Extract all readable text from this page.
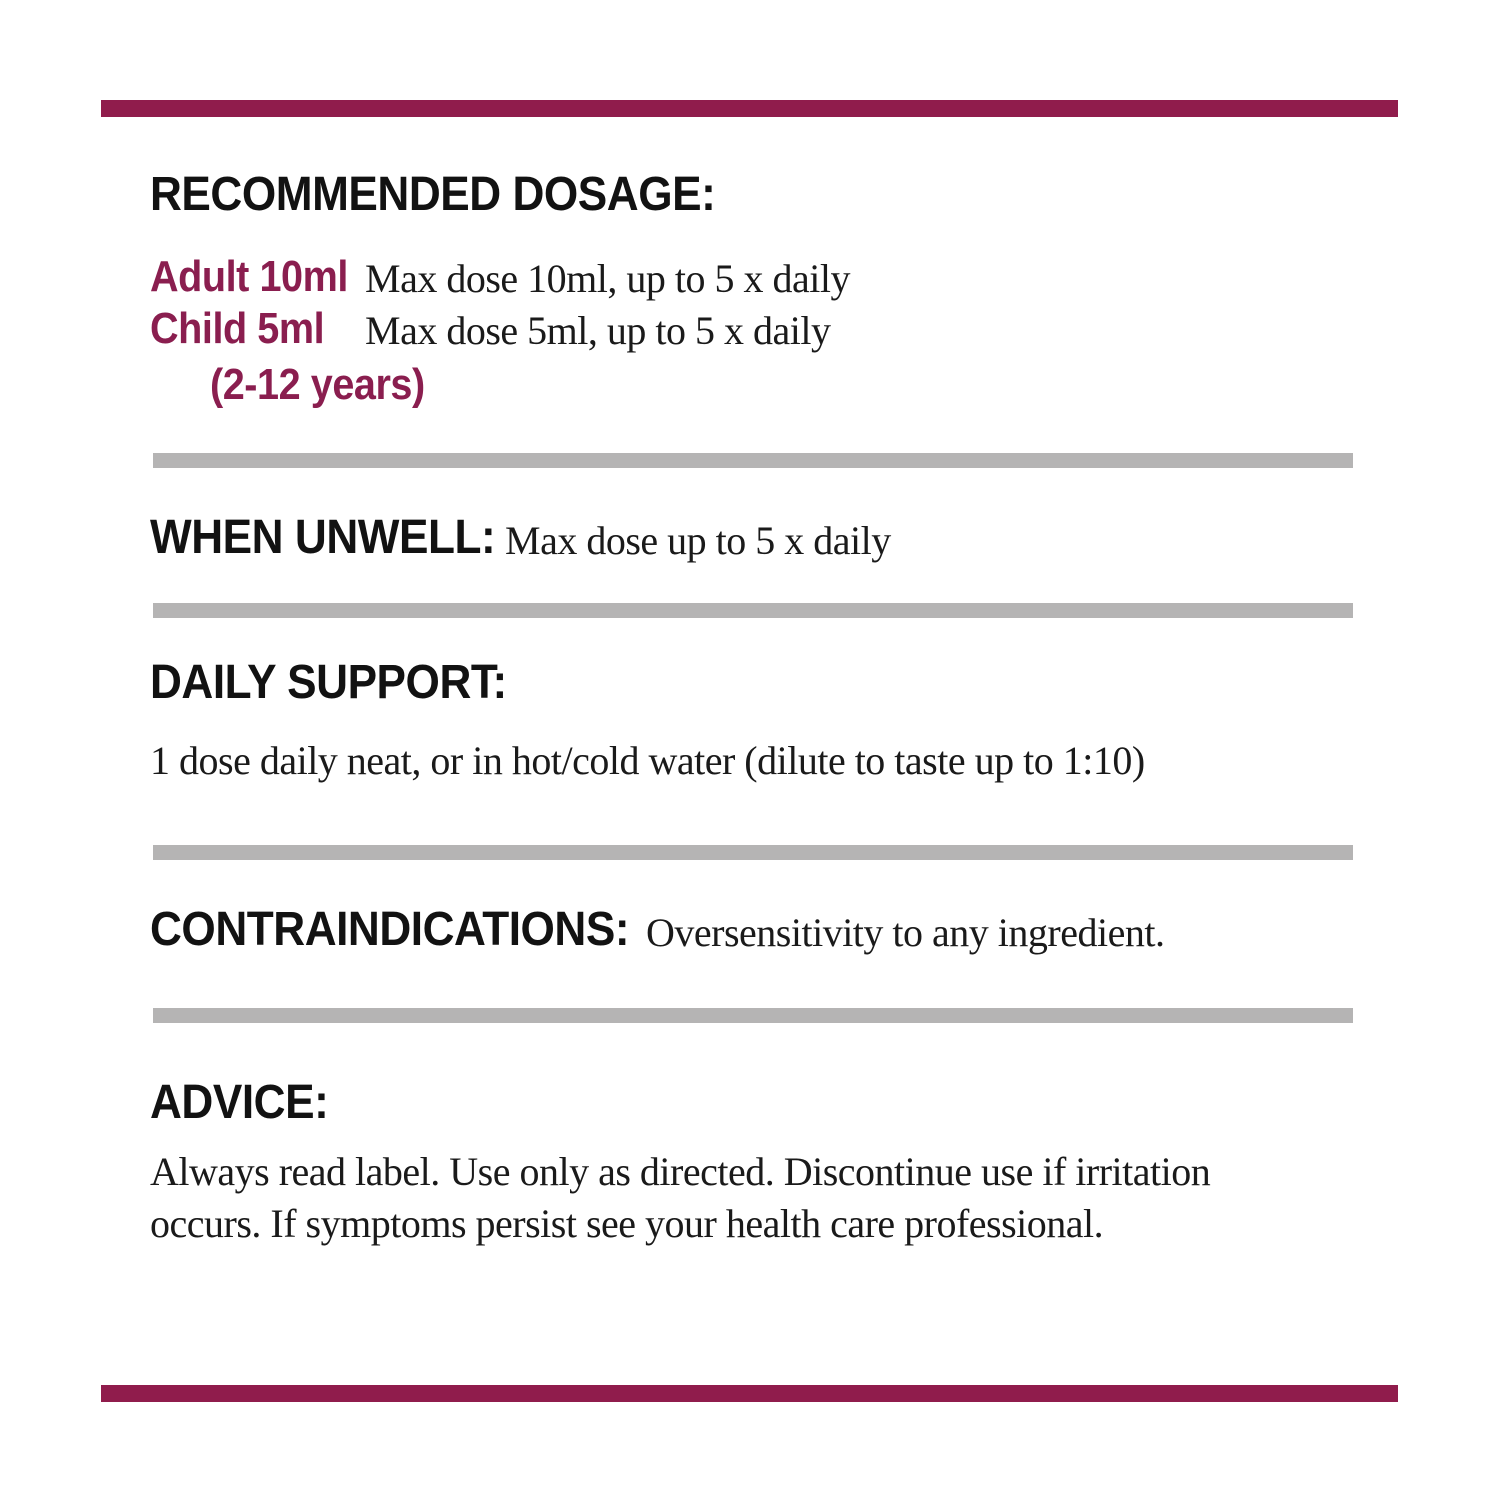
RECOMMENDED DOSAGE:
Adult 10ml Max dose 10ml, up to 5 x daily
Child 5ml Max dose 5ml, up to 5 x daily
(2-12 years)
WHEN UNWELL: Max dose up to 5 x daily
DAILY SUPPORT:
1 dose daily neat, or in hot/cold water (dilute to taste up to 1:10)
CONTRAINDICATIONS: Oversensitivity to any ingredient.
ADVICE:
Always read label. Use only as directed. Discontinue use if irritation
occurs. If symptoms persist see your health care professional.
